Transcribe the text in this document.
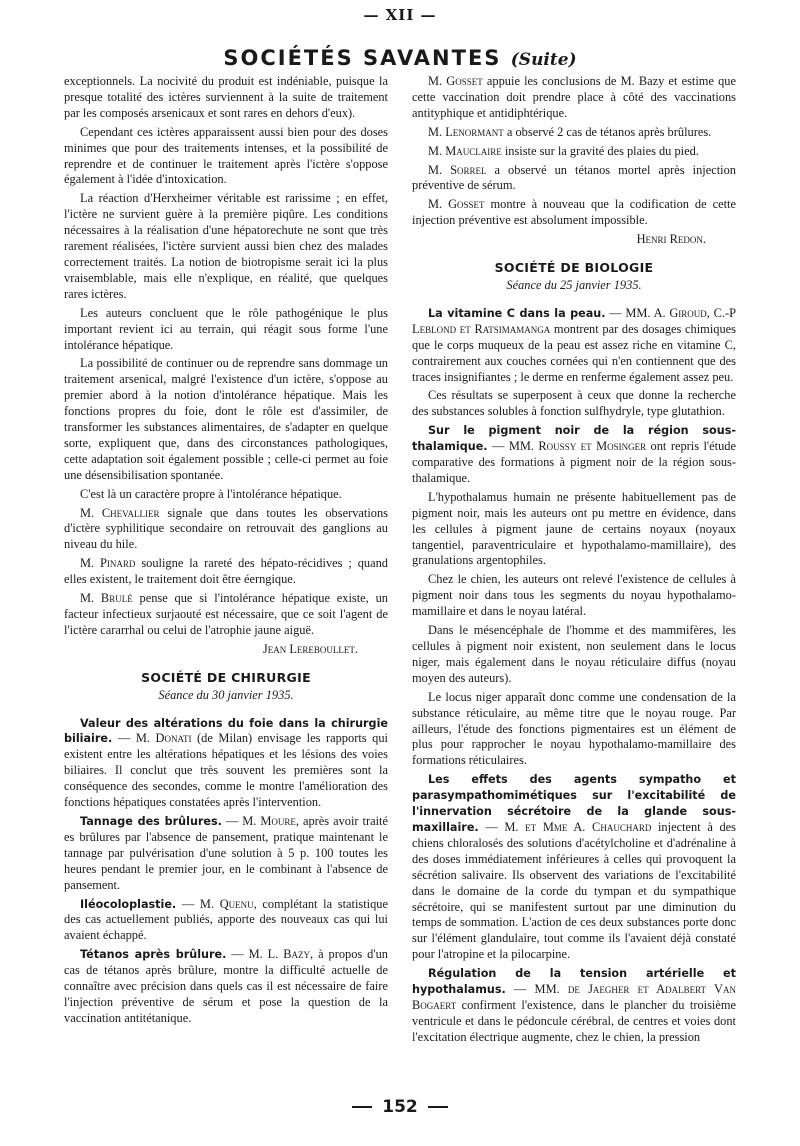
— XII —
SOCIÉTÉS SAVANTES (Suite)

exceptionnels. La nocivité du produit est indéniable, puisque la presque totalité des ictères surviennent à la suite de traitement par les composés arsenicaux et sont rares en dehors d'eux).

Cependant ces ictères apparaissent aussi bien pour des doses minimes que pour des traitements intenses, et la possibilité de reprendre et de continuer le traitement après l'ictère s'oppose également à l'idée d'intoxication.

La réaction d'Herxheimer véritable est rarissime ; en effet, l'ictère ne survient guère à la première piqûre. Les conditions nécessaires à la réalisation d'une hépatorechute ne sont que très rarement réalisées, l'ictère survient aussi bien chez des malades correctement traités. La notion de biotropisme serait ici la plus vraisemblable, mais elle n'explique, en réalité, que quelques rares ictères.

Les auteurs concluent que le rôle pathogénique le plus important revient ici au terrain, qui réagit sous forme l'une intolérance hépatique.

La possibilité de continuer ou de reprendre sans dommage un traitement arsenical, malgré l'existence d'un ictère, s'oppose au premier abord à la notion d'intolérance hépatique. Mais les fonctions propres du foie, dont le rôle est d'assimiler, de transformer les substances alimentaires, de s'adapter en quelque sorte, expliquent que, dans des circonstances pathologiques, cette adaptation soit également possible ; celle-ci permet au foie une désensibilisation spontanée.

C'est là un caractère propre à l'intolérance hépatique.

M. Chevallier signale que dans toutes les observations d'ictère syphilitique secondaire on retrouvait des ganglions au niveau du hile.

M. Pinard souligne la rareté des hépato-récidives ; quand elles existent, le traitement doit être éerngique.

M. Brulé pense que si l'intolérance hépatique existe, un facteur infectieux surjaouté est nécessaire, que ce soit l'agent de l'ictère cararrhal ou celui de l'atrophie jaune aiguë.

Jean Lereboullet.
SOCIÉTÉ DE CHIRURGIE
Séance du 30 janvier 1935.

Valeur des altérations du foie dans la chirurgie biliaire. — M. Donati (de Milan) envisage les rapports qui existent entre les altérations hépatiques et les lésions des voies biliaires. Il conclut que très souvent les premières sont la conséquence des secondes, comme le montre l'amélioration des fonctions hépatiques constatées après l'intervention.

Tannage des brûlures. — M. Moure, après avoir traité es brûlures par l'absence de pansement, pratique maintenant le tannage par pulvérisation d'une solution à 5 p. 100 toutes les heures pendant le premier jour, en le combinant à l'absence de pansement.

Iléocoloplastie. — M. Quenu, complétant la statistique des cas actuellement publiés, apporte des nouveaux cas qui lui avaient échappé.

Tétanos après brûlure. — M. L. Bazy, à propos d'un cas de tétanos après brûlure, montre la difficulté actuelle de connaître avec précision dans quels cas il est nécessaire de faire l'injection préventive de sérum et pose la question de la vaccination antitétanique.

M. Gosset appuie les conclusions de M. Bazy et estime que cette vaccination doit prendre place à côté des vaccinations antityphique et antidiphtérique.

M. Lenormant a observé 2 cas de tétanos après brûlures.

M. Mauclaire insiste sur la gravité des plaies du pied.

M. Sorrel a observé un tétanos mortel après injection préventive de sérum.

M. Gosset montre à nouveau que la codification de cette injection préventive est absolument impossible.

Henri Redon.
SOCIÉTÉ DE BIOLOGIE
Séance du 25 janvier 1935.

La vitamine C dans la peau. — MM. A. Giroud, C.-P Leblond et Ratsimamanga montrent par des dosages chimiques que le corps muqueux de la peau est assez riche en vitamine C, contrairement aux couches cornées qui n'en contiennent que des traces insignifiantes ; le derme en renferme également assez peu.

Ces résultats se superposent à ceux que donne la recherche des substances solubles à fonction sulfhydryle, type glutathion.

Sur le pigment noir de la région sous-thalamique. — MM. Roussy et Mosinger ont repris l'étude comparative des formations à pigment noir de la région sous-thalamique.

L'hypothalamus humain ne présente habituellement pas de pigment noir, mais les auteurs ont pu mettre en évidence, dans les cellules à pigment jaune de certains noyaux (noyaux tangentiel, paraventriculaire et hypothalamo-mamillaire), des granulations argentophiles.

Chez le chien, les auteurs ont relevé l'existence de cellules à pigment noir dans tous les segments du noyau hypothalamo-mamillaire et dans le noyau latéral.

Dans le mésencéphale de l'homme et des mammifères, les cellules à pigment noir existent, non seulement dans le locus niger, mais également dans le noyau réticulaire diffus (noyau moyen des auteurs).

Le locus niger apparaît donc comme une condensation de la substance réticulaire, au même titre que le noyau rouge. Par ailleurs, l'étude des fonctions pigmentaires est un élément de plus pour rapprocher le noyau hypothalamo-mamillaire des formations réticulaires.

Les effets des agents sympatho et parasympathomimétiques sur l'excitabilité de l'innervation sécrétoire de la glande sous-maxillaire. — M. et Mme A. Chauchard injectent à des chiens chloralosés des solutions d'acétylcholine et d'adrénaline à des doses immédiatement inférieures à celles qui provoquent la sécrétion salivaire. Ils observent des variations de l'excitabilité dans le domaine de la corde du tympan et du sympathique sécrétoire, qui se manifestent surtout par une diminution du temps de sommation. L'action de ces deux substances porte donc sur l'élément glandulaire, tout comme ils l'avaient déjà constaté pour l'atropine et la pilocarpine.

Régulation de la tension artérielle et hypothalamus. — MM. de Jaegher et Adalbert Van Bogaert confirment l'existence, dans le plancher du troisième ventricule et dans le pédoncule cérébral, de centres et voies dont l'excitation électrique augmente, chez le chien, la pression

152
